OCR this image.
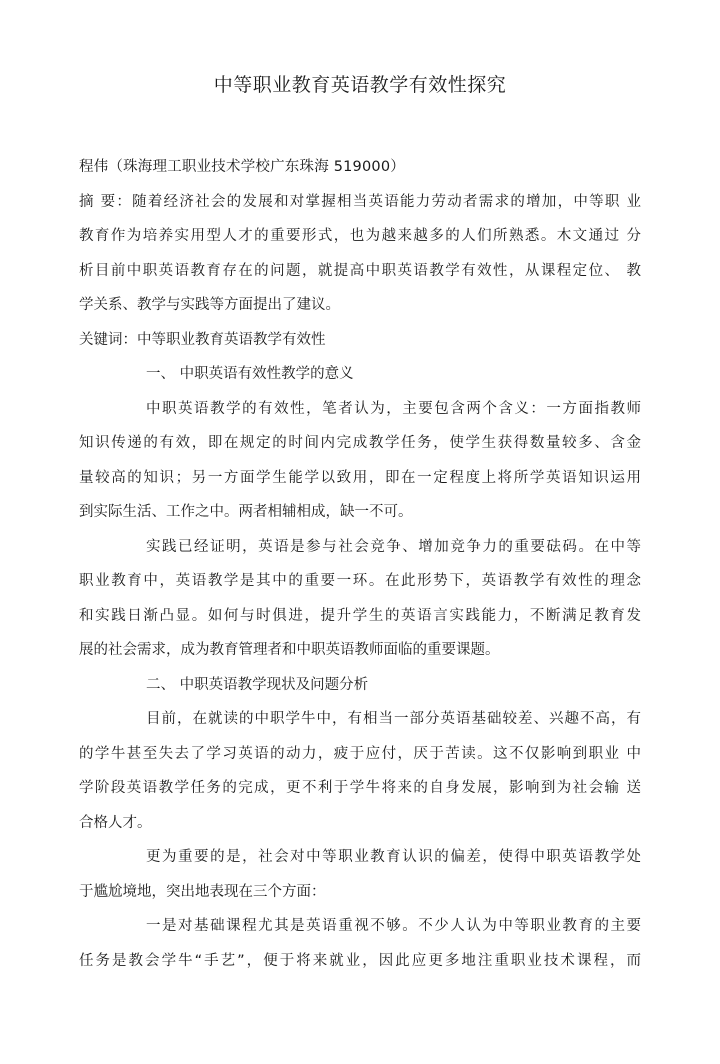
中等职业教育英语教学有效性探究
程伟（珠海理工职业技术学校广东珠海 519000）
摘 要：随着经济社会的发展和对掌握相当英语能力劳动者需求的增加，中等职 业
教育作为培养实用型人才的重要形式，也为越来越多的人们所熟悉。木文通过 分
析目前中职英语教育存在的问题，就提高中职英语教学有效性，从课程定位、 教
学关系、教学与实践等方面提出了建议。
关键词：中等职业教育英语教学有效性
一、 中职英语有效性教学的意义
中职英语教学的有效性，笔者认为，主要包含两个含义：一方面指教师
知识传递的有效，即在规定的时间内完成教学任务，使学生获得数量较多、含金
量较高的知识；另一方面学生能学以致用，即在一定程度上将所学英语知识运用
到实际生活、工作之中。两者相辅相成，缺一不可。
实践已经证明，英语是参与社会竞争、增加竞争力的重要砝码。在中等
职业教育中，英语教学是其中的重要一环。在此形势下，英语教学有效性的理念
和实践日渐凸显。如何与时俱进，提升学生的英语言实践能力，不断满足教育发
展的社会需求，成为教育管理者和中职英语教师面临的重要课题。
二、 中职英语教学现状及问题分析
目前，在就读的中职学牛中，有相当一部分英语基础较差、兴趣不高，有
的学牛甚至失去了学习英语的动力，疲于应付，厌于苦读。这不仅影响到职业 中
学阶段英语教学任务的完成，更不利于学牛将来的自身发展，影响到为社会输 送
合格人才。
更为重要的是，社会对中等职业教育认识的偏差，使得中职英语教学处
于尴尬境地，突出地表现在三个方面：
一是对基础课程尤其是英语重视不够。不少人认为中等职业教育的主要
任务是教会学牛“手艺”，便于将来就业，因此应更多地注重职业技术课程，而
